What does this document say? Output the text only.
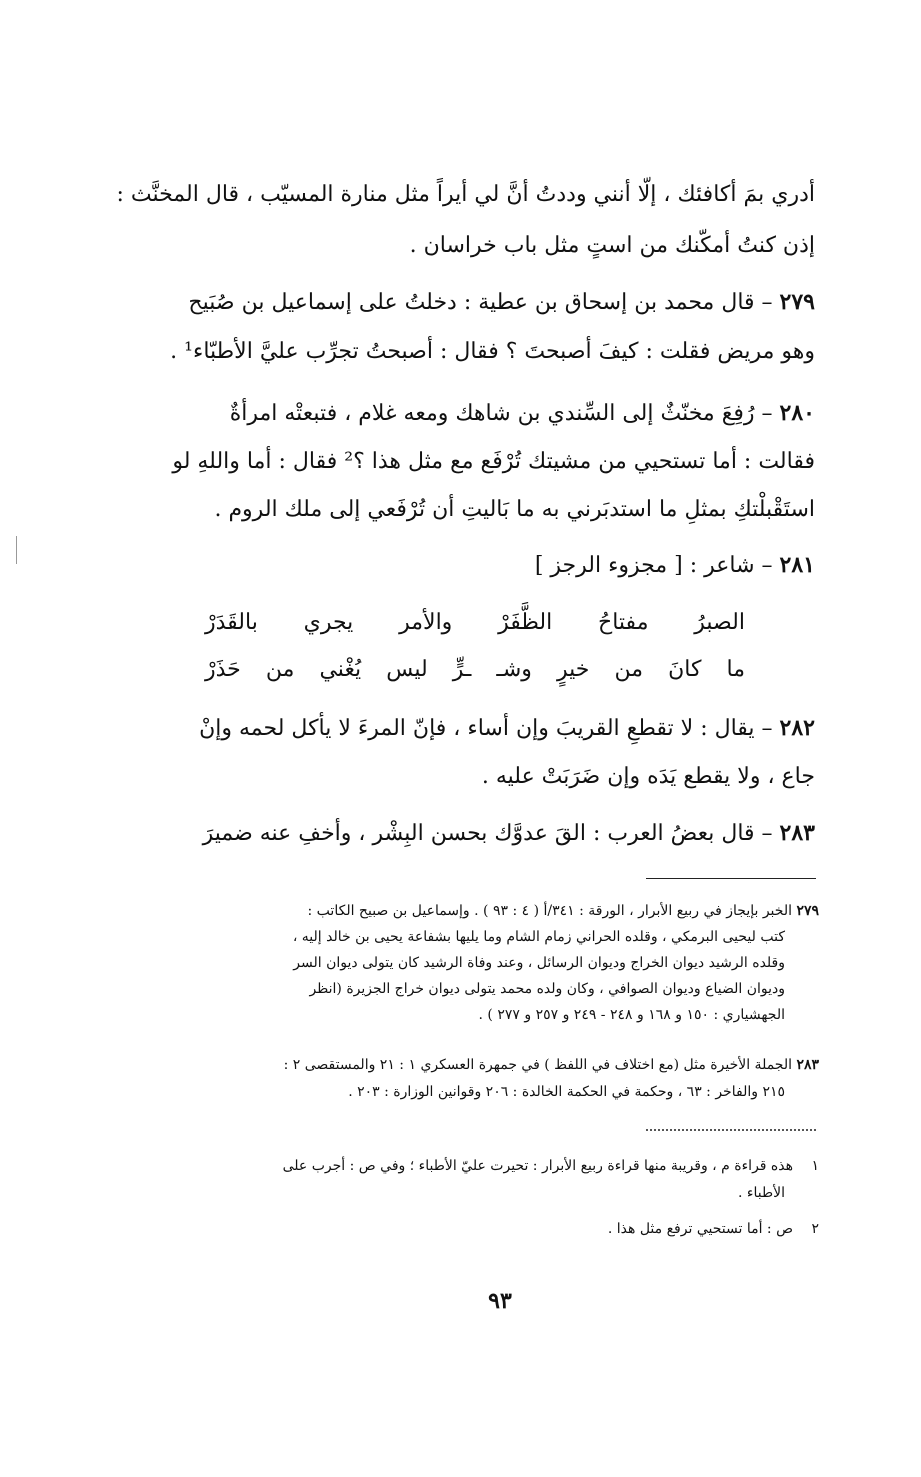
أدري بمَ أكافئك ، إلّا أنني وددتُ أنَّ لي أيراً مثل منارة المسيّب ، قال المخنَّث :
إذن كنتُ أمكّنك من استٍ مثل باب خراسان .
٢٧٩ – قال محمد بن إسحاق بن عطية : دخلتُ على إسماعيل بن صُبَيح
وهو مريض فقلت : كيفَ أصبحتَ ؟ فقال : أصبحتُ تجرِّب عليَّ الأطبّاء¹ .
٢٨٠ – رُفِعَ مخنّثٌ إلى السِّندي بن شاهك ومعه غلام ، فتبعتْه امرأةٌ
فقالت : أما تستحيي من مشيتك تُرْفَع مع مثل هذا ؟² فقال : أما واللهِ لو
استَقْبلْتكِ بمثلِ ما استدبَرني به ما بَاليتِ أن تُرْفَعي إلى ملك الروم .
٢٨١ – شاعر : [ مجزوء الرجز ]
٢٨٢ – يقال : لا تقطعِ القريبَ وإن أساء ، فإنّ المرءَ لا يأكل لحمه وإنْ
جاع ، ولا يقطع يَدَه وإن ضَرَبَتْ عليه .
٢٨٣ – قال بعضُ العرب : القَ عدوَّك بحسن البِشْر ، وأخفِ عنه ضميرَ
الصبرُ
مفتاحُ
الظَّفَرْ
والأمر
يجري
بالقَدَرْ
ما
كانَ
من
خيرٍ
وشـ
ـرٍّ
ليس
يُغْني
من
حَذَرْ
٢٧٩ الخبر بإيجاز في ربيع الأبرار ، الورقة : ٣٤١/أ ( ٤ : ٩٣ ) . وإسماعيل بن صبيح الكاتب :
كتب ليحيى البرمكي ، وقلده الحراني زمام الشام وما يليها بشفاعة يحيى بن خالد إليه ،
وقلده الرشيد ديوان الخراج وديوان الرسائل ، وعند وفاة الرشيد كان يتولى ديوان السر
وديوان الضياع وديوان الصوافي ، وكان ولده محمد يتولى ديوان خراج الجزيرة (انظر
الجهشياري : ١٥٠ و ١٦٨ و ٢٤٨ - ٢٤٩ و ٢٥٧ و ٢٧٧ ) .
٢٨٣ الجملة الأخيرة مثل (مع اختلاف في اللفظ ) في جمهرة العسكري ١ : ٢١ والمستقصى ٢ :
٢١٥ والفاخر : ٦٣ ، وحكمة في الحكمة الخالدة : ٢٠٦ وقوانين الوزارة : ٢٠٣ .
١ هذه قراءة م ، وقريبة منها قراءة ربيع الأبرار : تحيرت عليّ الأطباء ؛ وفي ص : أجرب على
الأطباء .
٢ ص : أما تستحيي ترفع مثل هذا .
٩٣
